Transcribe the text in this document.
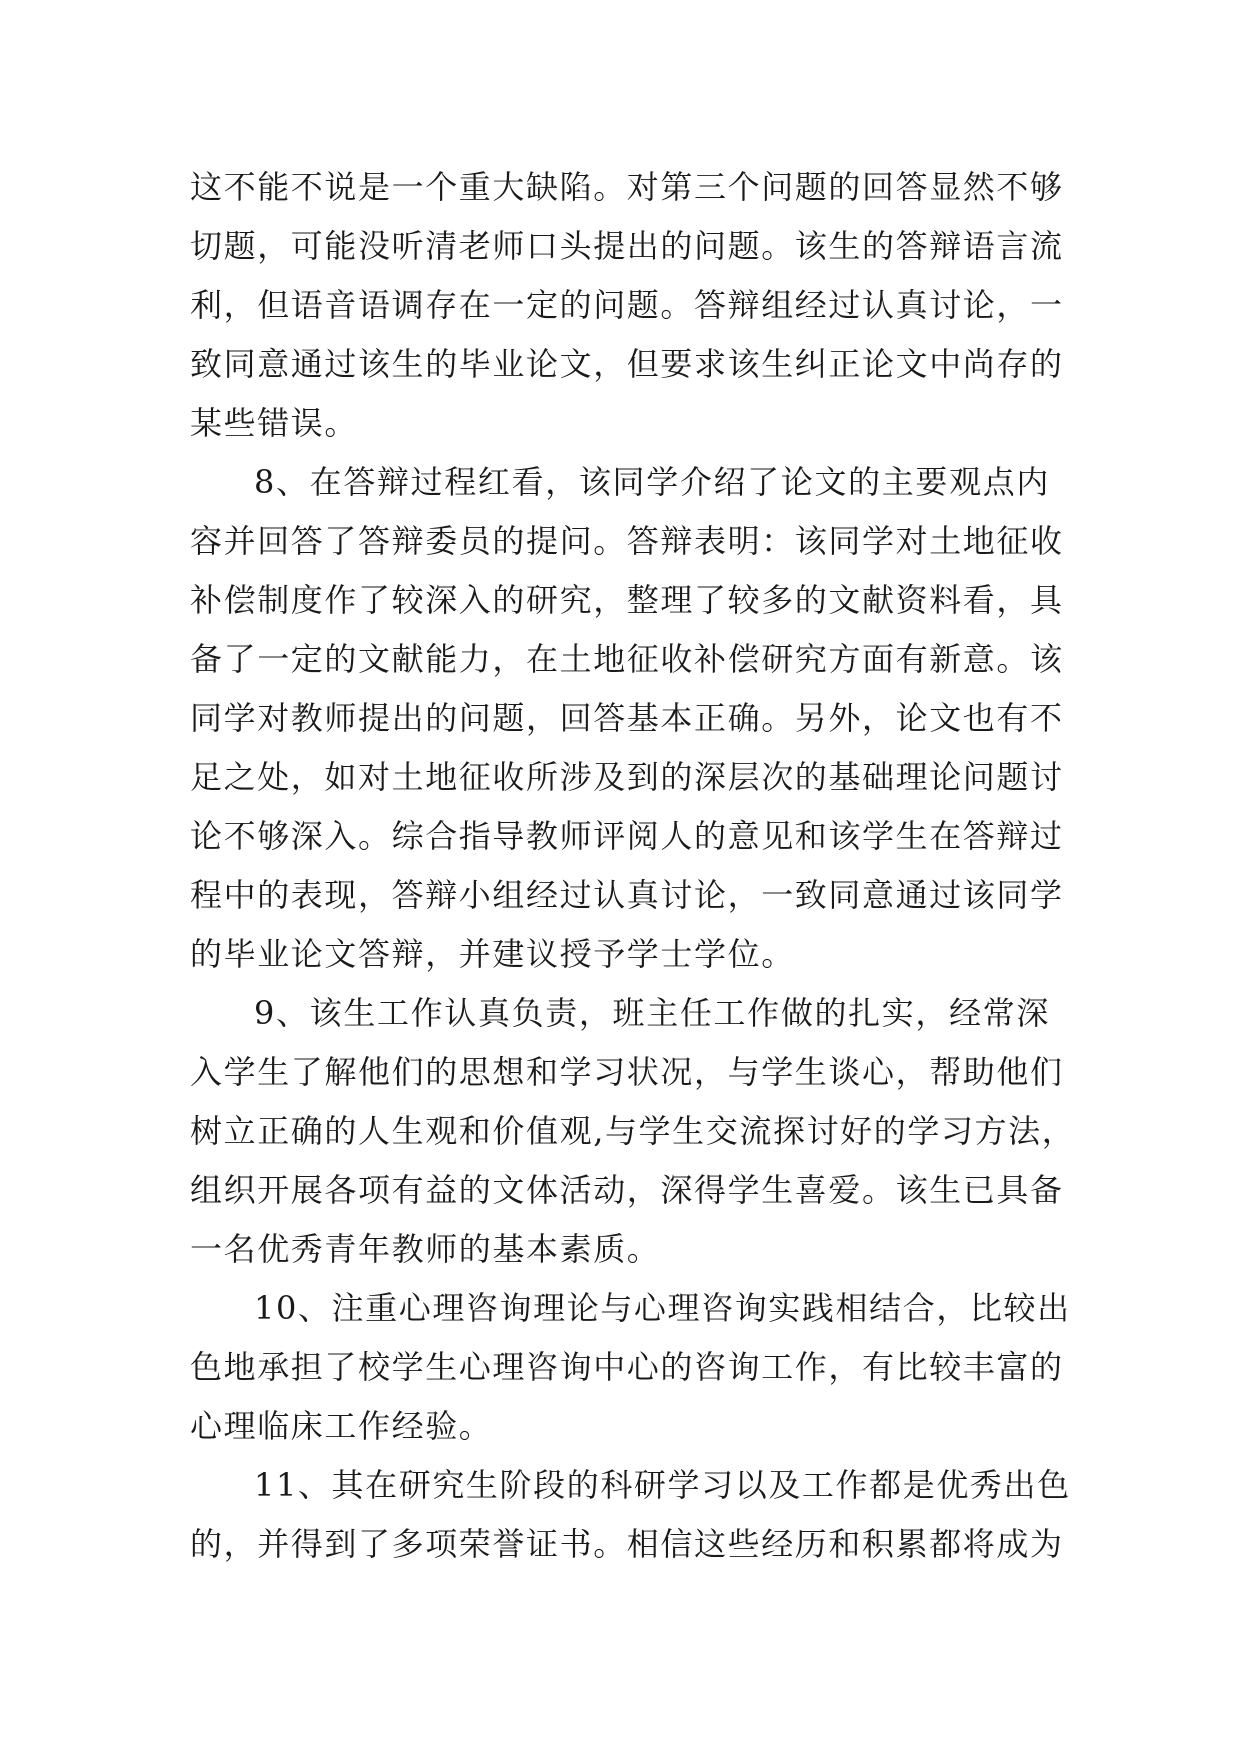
这不能不说是一个重大缺陷。对第三个问题的回答显然不够
切题，可能没听清老师口头提出的问题。该生的答辩语言流
利，但语音语调存在一定的问题。答辩组经过认真讨论，一
致同意通过该生的毕业论文，但要求该生纠正论文中尚存的
某些错误。
8、在答辩过程红看，该同学介绍了论文的主要观点内
容并回答了答辩委员的提问。答辩表明：该同学对土地征收
补偿制度作了较深入的研究，整理了较多的文献资料看，具
备了一定的文献能力，在土地征收补偿研究方面有新意。该
同学对教师提出的问题，回答基本正确。另外，论文也有不
足之处，如对土地征收所涉及到的深层次的基础理论问题讨
论不够深入。综合指导教师评阅人的意见和该学生在答辩过
程中的表现，答辩小组经过认真讨论，一致同意通过该同学
的毕业论文答辩，并建议授予学士学位。
9、该生工作认真负责，班主任工作做的扎实，经常深
入学生了解他们的思想和学习状况，与学生谈心，帮助他们
树立正确的人生观和价值观,与学生交流探讨好的学习方法，
组织开展各项有益的文体活动，深得学生喜爱。该生已具备
一名优秀青年教师的基本素质。
10、注重心理咨询理论与心理咨询实践相结合，比较出
色地承担了校学生心理咨询中心的咨询工作，有比较丰富的
心理临床工作经验。
11、其在研究生阶段的科研学习以及工作都是优秀出色
的，并得到了多项荣誉证书。相信这些经历和积累都将成为
